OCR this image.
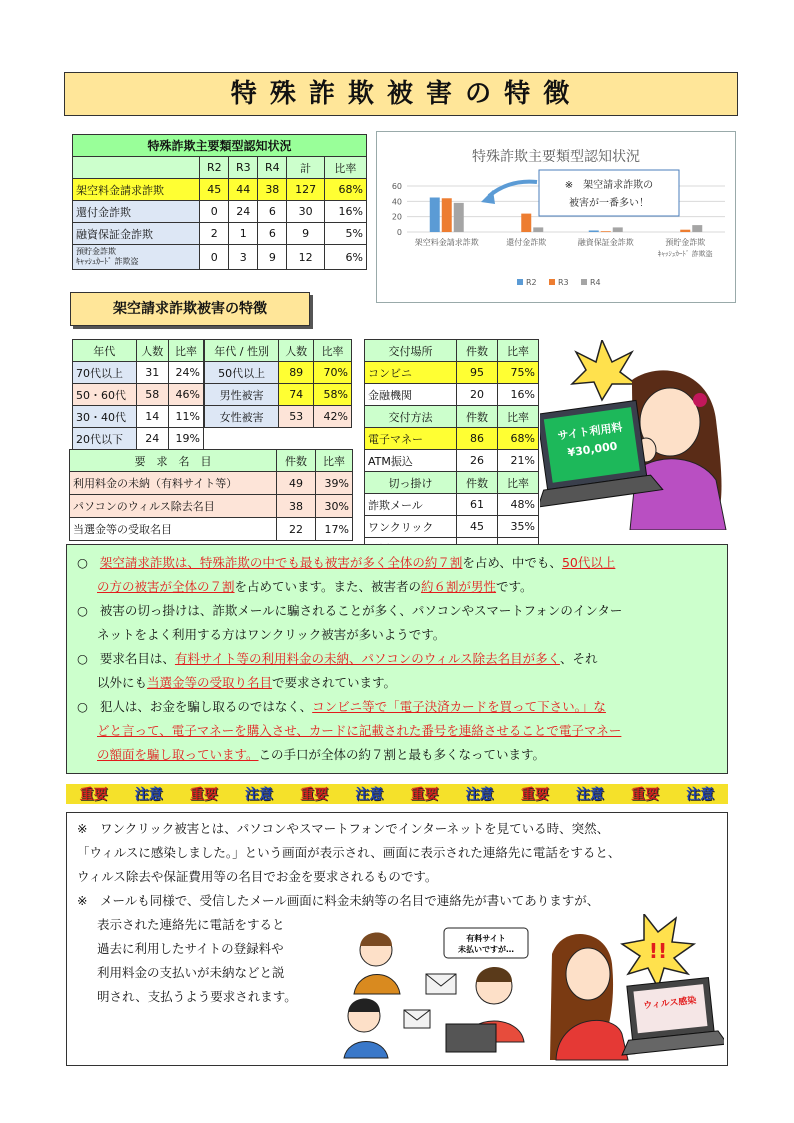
特 殊 詐 欺 被 害 の 特 徴
特殊詐欺主要類型認知状況					
	R2	R3	R4	計	比率
架空料金請求詐欺	45	44	38	127	68%
還付金詐欺	0	24	6	30	16%
融資保証金詐欺	2	1	6	9	5%

預貯金詐欺
ｷｬｯｼｭｶｰﾄﾞ 詐欺盗	0	3	9	12	6%
特殊詐欺主要類型認知状況
0
20
40
60
架空料金請求詐欺	還付金詐欺	融資保証金詐欺	預貯金詐欺
ｷｬｯｼｭｶｰﾄﾞ 詐欺盗
R2	R3	R4
※　架空請求詐欺の
被害が一番多い！
架空請求詐欺被害の特徴
年代	人数	比率
70代以上	31	24%
50・60代	58	46%
30・40代	14	11%
20代以下	24	19%
年代 / 性別	人数	比率
50代以上	89	70%
男性被害	74	58%
女性被害	53	42%
要　求　名　目	件数	比率
利用料金の未納（有料サイト等）	49	39%
パソコンのウィルス除去名目	38	30%
当選金等の受取名目	22	17%
交付場所	件数	比率
コンビニ	95	75%
金融機関	20	16%
交付方法	件数	比率
電子マネー	86	68%
ATM振込	26	21%
切っ掛け	件数	比率
詐欺メール	61	48%
ワンクリック	45	35%

サイト利用料
¥30,000
○ 架空請求詐欺は、特殊詐欺の中でも最も被害が多く全体の約７割を占め、中でも、50代以上
の方の被害が全体の７割を占めています。また、被害者の約６割が男性です。
○ 被害の切っ掛けは、詐欺メールに騙されることが多く、パソコンやスマートフォンのインター
ネットをよく利用する方はワンクリック被害が多いようです。
○ 要求名目は、有料サイト等の利用料金の未納、パソコンのウィルス除去名目が多く、それ
以外にも当選金等の受取り名目で要求されています。
○ 犯人は、お金を騙し取るのではなく、コンビニ等で「電子決済カードを買って下さい。」な
どと言って、電子マネーを購入させ、カードに記載された番号を連絡させることで電子マネー
の額面を騙し取っています。この手口が全体の約７割と最も多くなっています。
重要 注意 重要 注意 重要 注意 重要 注意 重要 注意 重要 注意
※　ワンクリック被害とは、パソコンやスマートフォンでインターネットを見ている時、突然、
「ウィルスに感染しました。」という画面が表示され、画面に表示された連絡先に電話をすると、
ウィルス除去や保証費用等の名目でお金を要求されるものです。
※　メールも同様で、受信したメール画面に料金未納等の名目で連絡先が書いてありますが、
表示された連絡先に電話をすると
過去に利用したサイトの登録料や
利用料金の支払いが未納などと説
明され、支払うよう要求されます。
有料サイト
未払いですが…	!!
ウィルス感染
